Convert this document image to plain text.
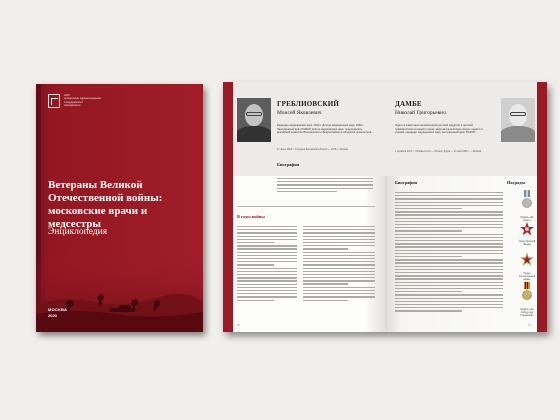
НИИ
организации здравоохранения
и медицинского
менеджмента
Ветераны Великой Отечественной войны: московские врачи и медсестры
Энциклопедия
МОСКВА
2020
ГРЕБЛИОВСКИЙ
Моисей Яковлевич
Кандидат медицинских наук, 1943 г. Доктор медицинских наук, 1960 г. Заслуженный врач РСФСР, доктор медицинских наук, председатель врачебной комиссии Всесоюзного и Всероссийского общества гематологов.
17 июня 1903 г., Городищ Винницкой области — 1976 г., Москва
Биография
В годы войны
56
ДАМБЕ
Николай Григорьевич
Один из известных организаторов детской хирургии и детской травматологии в нашей стране, замечательный врач-хирург, педагог и ученый, кандидат медицинских наук, заслуженный врач РСФСР.
1 декабря 1917 г., Либавы-Гости — Латвия, Лудза — 21 мая 1985 г. — Москва
Биография	Награды
Медаль «За отвагу»
Орден Красной Звезды
Орден Отечественной войны
Медаль «За победу над Германией»
57
